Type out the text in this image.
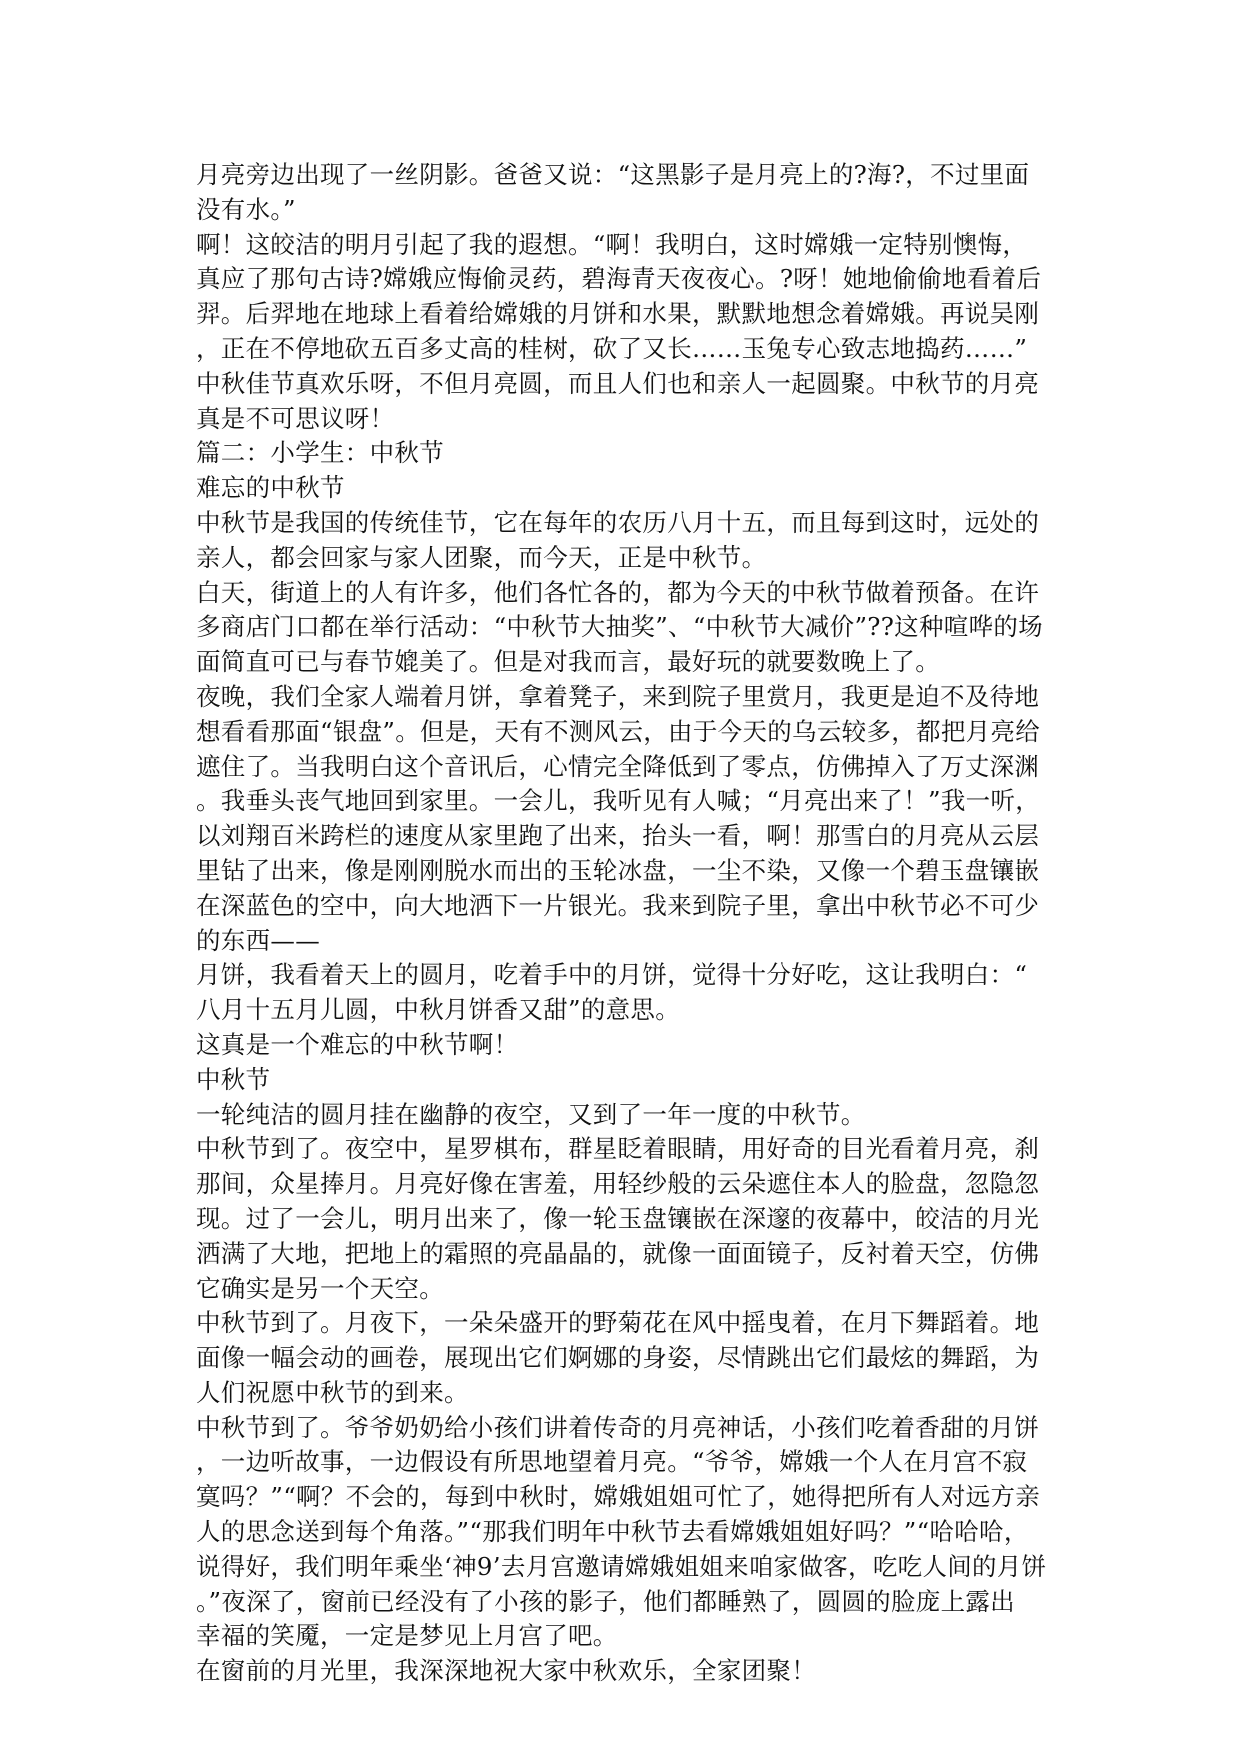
月亮旁边出现了一丝阴影。爸爸又说：“这黑影子是月亮上的?海?，不过里面
没有水。”
啊！这皎洁的明月引起了我的遐想。“啊！我明白，这时嫦娥一定特别懊悔，
真应了那句古诗?嫦娥应悔偷灵药，碧海青天夜夜心。?呀！她地偷偷地看着后
羿。后羿地在地球上看着给嫦娥的月饼和水果，默默地想念着嫦娥。再说吴刚
，正在不停地砍五百多丈高的桂树，砍了又长……玉兔专心致志地捣药……”
中秋佳节真欢乐呀，不但月亮圆，而且人们也和亲人一起圆聚。中秋节的月亮
真是不可思议呀！
篇二：小学生：中秋节
难忘的中秋节
中秋节是我国的传统佳节，它在每年的农历八月十五，而且每到这时，远处的
亲人，都会回家与家人团聚，而今天，正是中秋节。
白天，街道上的人有许多，他们各忙各的，都为今天的中秋节做着预备。在许
多商店门口都在举行活动：“中秋节大抽奖”、“中秋节大减价”??这种喧哗的场
面简直可已与春节媲美了。但是对我而言，最好玩的就要数晚上了。
夜晚，我们全家人端着月饼，拿着凳子，来到院子里赏月，我更是迫不及待地
想看看那面“银盘”。但是，天有不测风云，由于今天的乌云较多，都把月亮给
遮住了。当我明白这个音讯后，心情完全降低到了零点，仿佛掉入了万丈深渊
。我垂头丧气地回到家里。一会儿，我听见有人喊；“月亮出来了！”我一听，
以刘翔百米跨栏的速度从家里跑了出来，抬头一看，啊！那雪白的月亮从云层
里钻了出来，像是刚刚脱水而出的玉轮冰盘，一尘不染，又像一个碧玉盘镶嵌
在深蓝色的空中，向大地洒下一片银光。我来到院子里，拿出中秋节必不可少
的东西——
月饼，我看着天上的圆月，吃着手中的月饼，觉得十分好吃，这让我明白：“
八月十五月儿圆，中秋月饼香又甜”的意思。
这真是一个难忘的中秋节啊！
中秋节
一轮纯洁的圆月挂在幽静的夜空，又到了一年一度的中秋节。
中秋节到了。夜空中，星罗棋布，群星眨着眼睛，用好奇的目光看着月亮，刹
那间，众星捧月。月亮好像在害羞，用轻纱般的云朵遮住本人的脸盘，忽隐忽
现。过了一会儿，明月出来了，像一轮玉盘镶嵌在深邃的夜幕中，皎洁的月光
洒满了大地，把地上的霜照的亮晶晶的，就像一面面镜子，反衬着天空，仿佛
它确实是另一个天空。
中秋节到了。月夜下，一朵朵盛开的野菊花在风中摇曳着，在月下舞蹈着。地
面像一幅会动的画卷，展现出它们婀娜的身姿，尽情跳出它们最炫的舞蹈，为
人们祝愿中秋节的到来。
中秋节到了。爷爷奶奶给小孩们讲着传奇的月亮神话，小孩们吃着香甜的月饼
，一边听故事，一边假设有所思地望着月亮。“爷爷，嫦娥一个人在月宫不寂
寞吗？”“啊？不会的，每到中秋时，嫦娥姐姐可忙了，她得把所有人对远方亲
人的思念送到每个角落。”“那我们明年中秋节去看嫦娥姐姐好吗？”“哈哈哈，
说得好，我们明年乘坐‘神9’去月宫邀请嫦娥姐姐来咱家做客，吃吃人间的月饼
。”夜深了，窗前已经没有了小孩的影子，他们都睡熟了，圆圆的脸庞上露出
幸福的笑魇，一定是梦见上月宫了吧。
在窗前的月光里，我深深地祝大家中秋欢乐，全家团聚！
